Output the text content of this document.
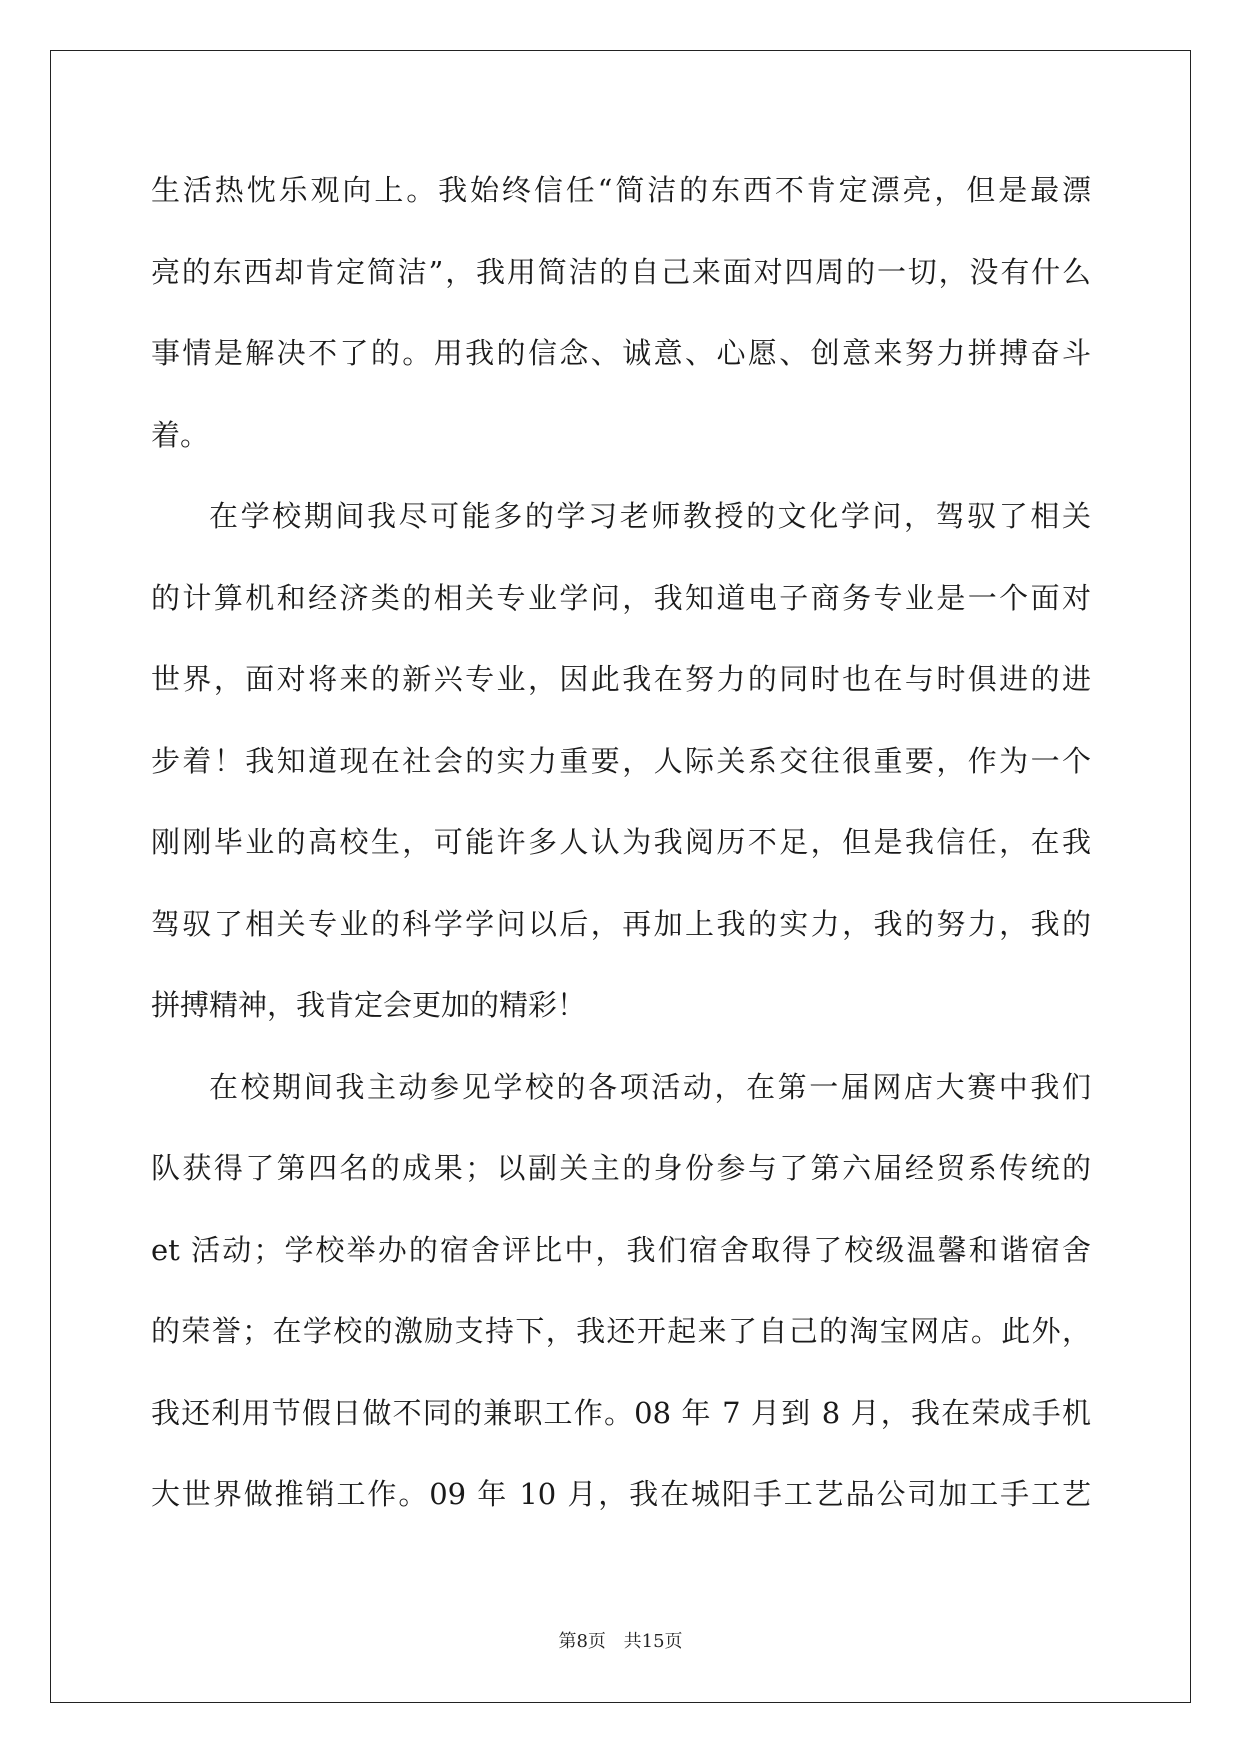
生活热忱乐观向上。我始终信任“简洁的东西不肯定漂亮，但是最漂
亮的东西却肯定简洁”，我用简洁的自己来面对四周的一切，没有什么
事情是解决不了的。用我的信念、诚意、心愿、创意来努力拼搏奋斗
着。
在学校期间我尽可能多的学习老师教授的文化学问，驾驭了相关
的计算机和经济类的相关专业学问，我知道电子商务专业是一个面对
世界，面对将来的新兴专业，因此我在努力的同时也在与时俱进的进
步着！我知道现在社会的实力重要，人际关系交往很重要，作为一个
刚刚毕业的高校生，可能许多人认为我阅历不足，但是我信任，在我
驾驭了相关专业的科学学问以后，再加上我的实力，我的努力，我的
拼搏精神，我肯定会更加的精彩！
在校期间我主动参见学校的各项活动，在第一届网店大赛中我们
队获得了第四名的成果；以副关主的身份参与了第六届经贸系传统的
et 活动；学校举办的宿舍评比中，我们宿舍取得了校级温馨和谐宿舍
的荣誉；在学校的激励支持下，我还开起来了自己的淘宝网店。此外，
我还利用节假日做不同的兼职工作。08 年 7 月到 8 月，我在荣成手机
大世界做推销工作。09 年 10 月，我在城阳手工艺品公司加工手工艺
第8页 共15页
